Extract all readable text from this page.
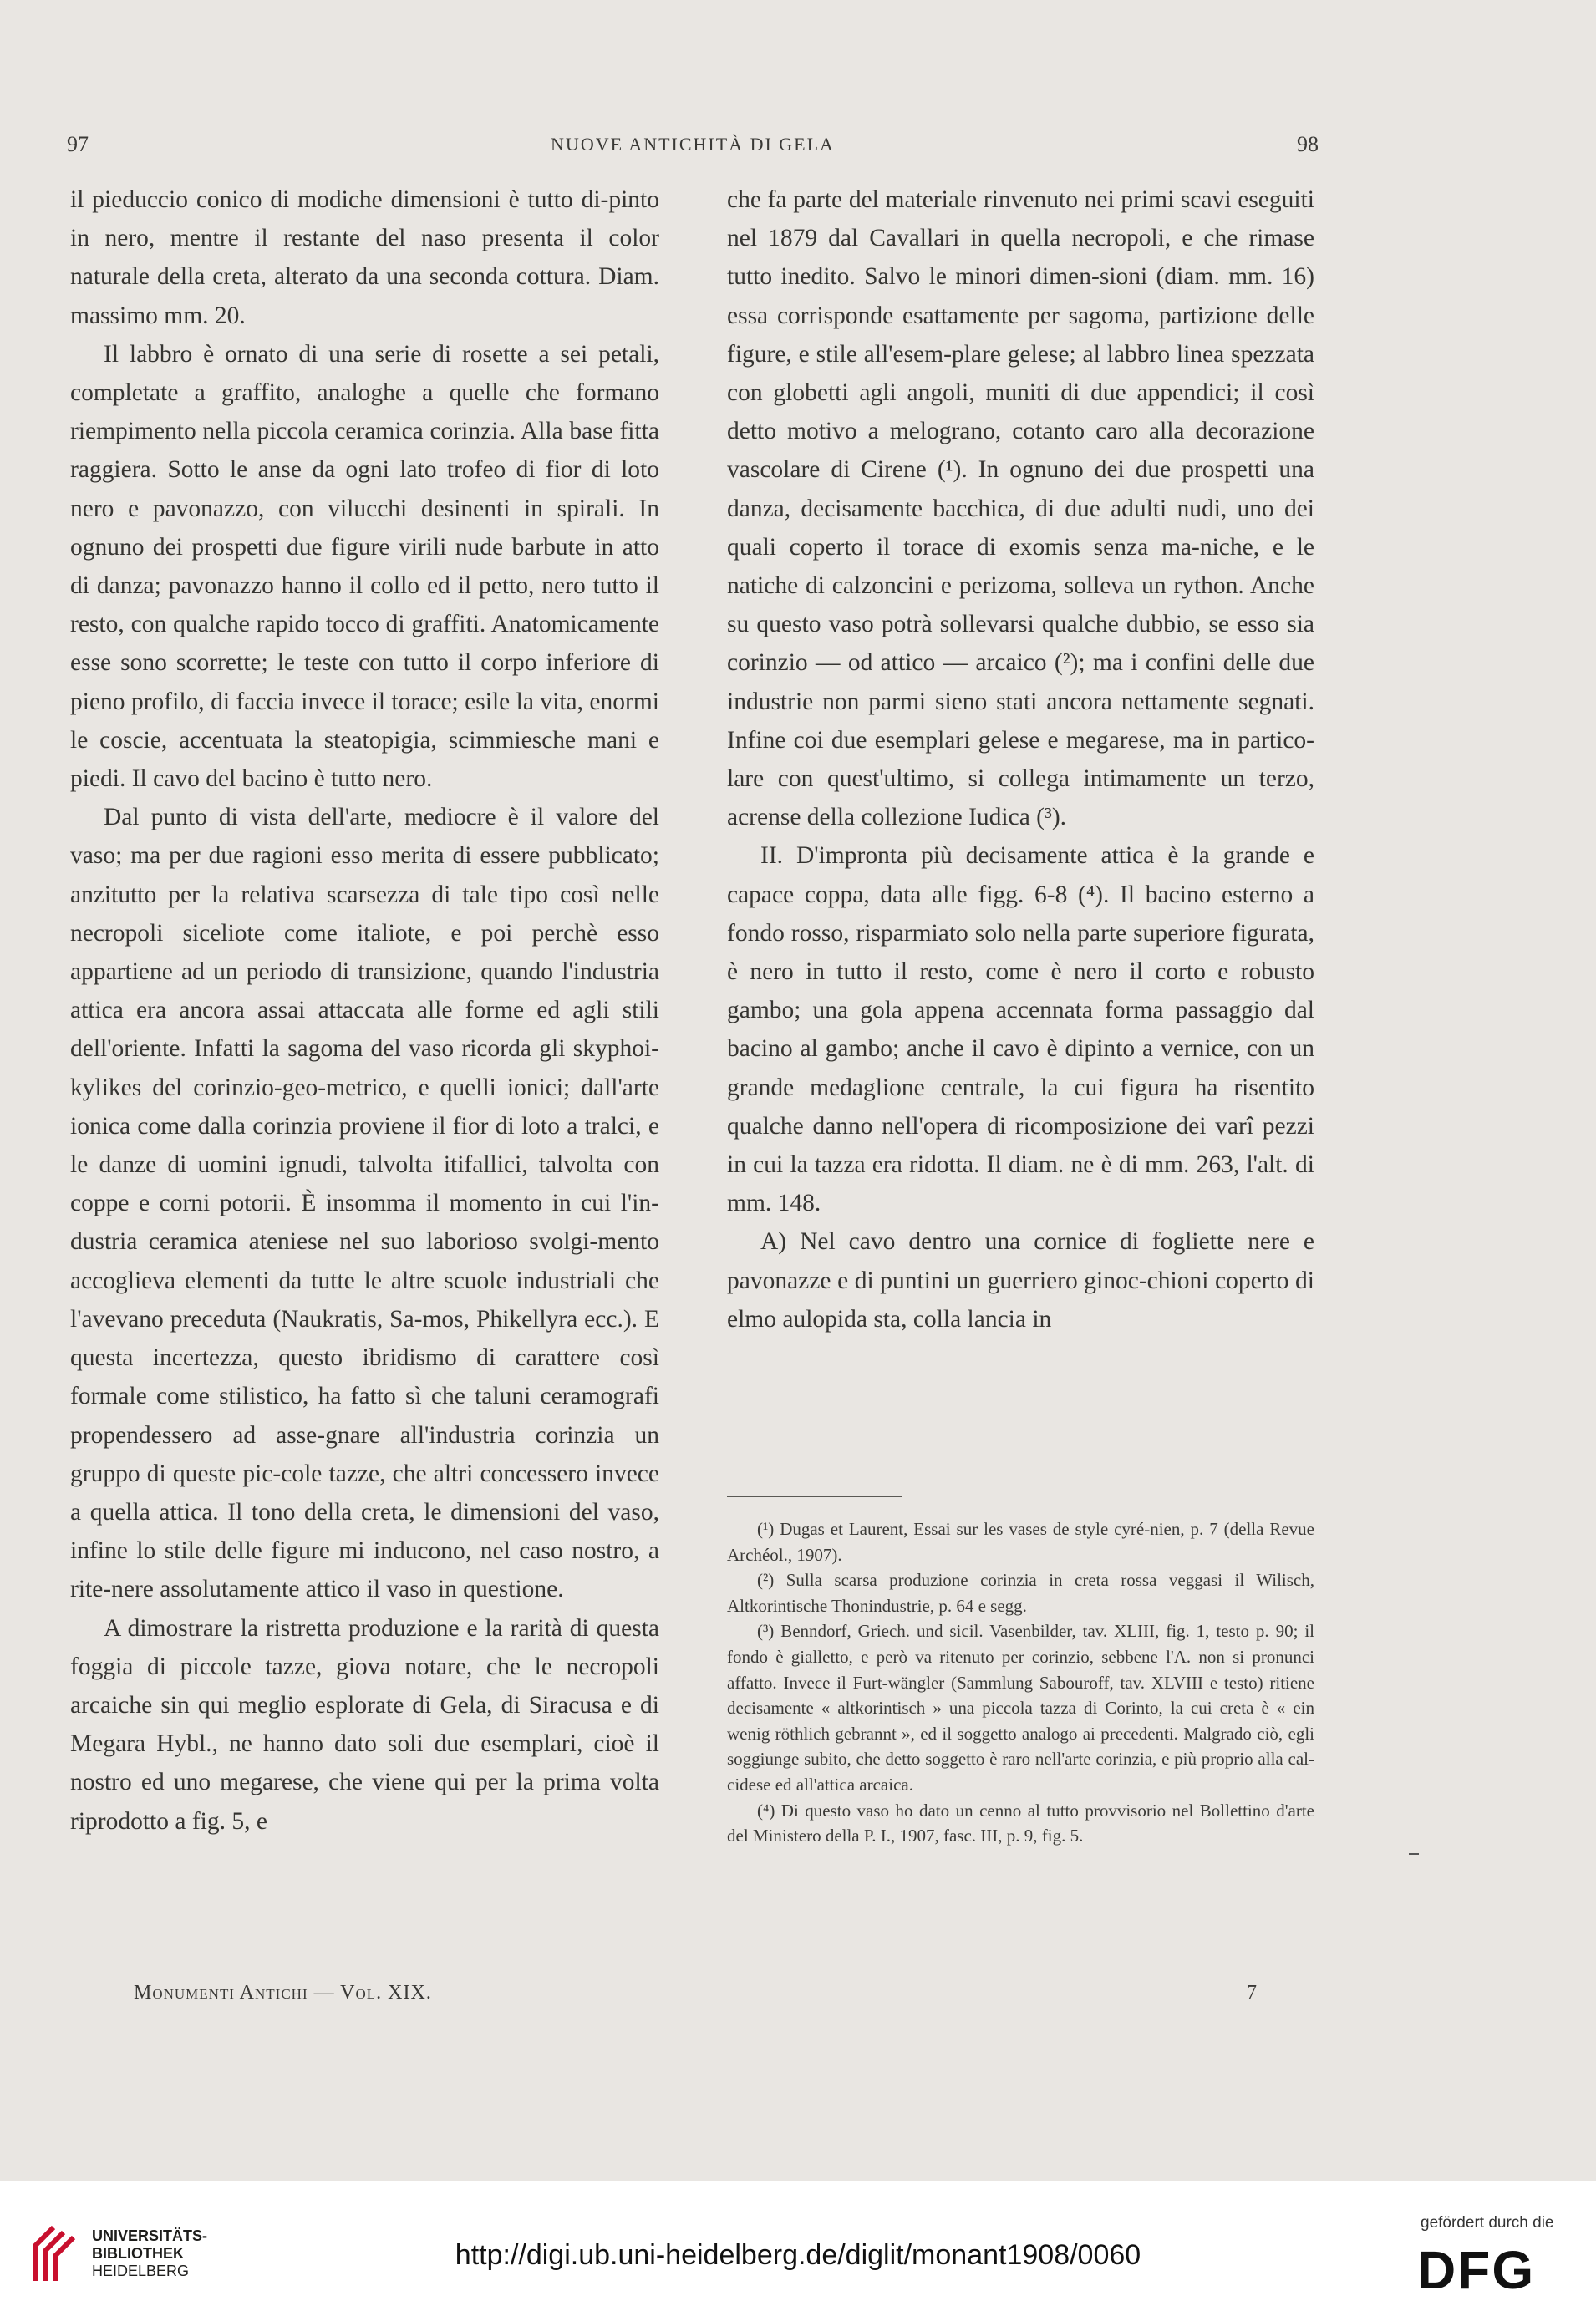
97	NUOVE ANTICHITÀ DI GELA	98

il pieduccio conico di modiche dimensioni è tutto di-pinto in nero, mentre il restante del naso presenta il color naturale della creta, alterato da una seconda cottura. Diam. massimo mm. 20.

Il labbro è ornato di una serie di rosette a sei petali, completate a graffito, analoghe a quelle che formano riempimento nella piccola ceramica corinzia. Alla base fitta raggiera. Sotto le anse da ogni lato trofeo di fior di loto nero e pavonazzo, con vilucchi desinenti in spirali. In ognuno dei prospetti due figure virili nude barbute in atto di danza; pavonazzo hanno il collo ed il petto, nero tutto il resto, con qualche rapido tocco di graffiti. Anatomicamente esse sono scorrette; le teste con tutto il corpo inferiore di pieno profilo, di faccia invece il torace; esile la vita, enormi le coscie, accentuata la steatopigia, scimmiesche mani e piedi. Il cavo del bacino è tutto nero.

Dal punto di vista dell'arte, mediocre è il valore del vaso; ma per due ragioni esso merita di essere pubblicato; anzitutto per la relativa scarsezza di tale tipo così nelle necropoli siceliote come italiote, e poi perchè esso appartiene ad un periodo di transizione, quando l'industria attica era ancora assai attaccata alle forme ed agli stili dell'oriente. Infatti la sagoma del vaso ricorda gli skyphoi-kylikes del corinzio-geo-metrico, e quelli ionici; dall'arte ionica come dalla corinzia proviene il fior di loto a tralci, e le danze di uomini ignudi, talvolta itifallici, talvolta con coppe e corni potorii. È insomma il momento in cui l'in-dustria ceramica ateniese nel suo laborioso svolgi-mento accoglieva elementi da tutte le altre scuole industriali che l'avevano preceduta (Naukratis, Sa-mos, Phikellyra ecc.). E questa incertezza, questo ibridismo di carattere così formale come stilistico, ha fatto sì che taluni ceramografi propendessero ad asse-gnare all'industria corinzia un gruppo di queste pic-cole tazze, che altri concessero invece a quella attica. Il tono della creta, le dimensioni del vaso, infine lo stile delle figure mi inducono, nel caso nostro, a rite-nere assolutamente attico il vaso in questione.

A dimostrare la ristretta produzione e la rarità di questa foggia di piccole tazze, giova notare, che le necropoli arcaiche sin qui meglio esplorate di Gela, di Siracusa e di Megara Hybl., ne hanno dato soli due esemplari, cioè il nostro ed uno megarese, che viene qui per la prima volta riprodotto a fig. 5, e

che fa parte del materiale rinvenuto nei primi scavi eseguiti nel 1879 dal Cavallari in quella necropoli, e che rimase tutto inedito. Salvo le minori dimen-sioni (diam. mm. 16) essa corrisponde esattamente per sagoma, partizione delle figure, e stile all'esem-plare gelese; al labbro linea spezzata con globetti agli angoli, muniti di due appendici; il così detto motivo a melograno, cotanto caro alla decorazione vascolare di Cirene (¹). In ognuno dei due prospetti una danza, decisamente bacchica, di due adulti nudi, uno dei quali coperto il torace di exomis senza ma-niche, e le natiche di calzoncini e perizoma, solleva un rython. Anche su questo vaso potrà sollevarsi qualche dubbio, se esso sia corinzio — od attico — arcaico (²); ma i confini delle due industrie non parmi sieno stati ancora nettamente segnati. Infine coi due esemplari gelese e megarese, ma in partico-lare con quest'ultimo, si collega intimamente un terzo, acrense della collezione Iudica (³).

II. D'impronta più decisamente attica è la grande e capace coppa, data alle figg. 6-8 (⁴). Il bacino esterno a fondo rosso, risparmiato solo nella parte superiore figurata, è nero in tutto il resto, come è nero il corto e robusto gambo; una gola appena accennata forma passaggio dal bacino al gambo; anche il cavo è dipinto a vernice, con un grande medaglione centrale, la cui figura ha risentito qualche danno nell'opera di ricomposizione dei varî pezzi in cui la tazza era ridotta. Il diam. ne è di mm. 263, l'alt. di mm. 148.

A) Nel cavo dentro una cornice di fogliette nere e pavonazze e di puntini un guerriero ginoc-chioni coperto di elmo aulopida sta, colla lancia in

(¹) Dugas et Laurent, Essai sur les vases de style cyré-nien, p. 7 (della Revue Archéol., 1907).

(²) Sulla scarsa produzione corinzia in creta rossa veggasi il Wilisch, Altkorintische Thonindustrie, p. 64 e segg.

(³) Benndorf, Griech. und sicil. Vasenbilder, tav. XLIII, fig. 1, testo p. 90; il fondo è gialletto, e però va ritenuto per corinzio, sebbene l'A. non si pronunci affatto. Invece il Furt-wängler (Sammlung Sabouroff, tav. XLVIII e testo) ritiene decisamente « altkorintisch » una piccola tazza di Corinto, la cui creta è « ein wenig röthlich gebrannt », ed il soggetto analogo ai precedenti. Malgrado ciò, egli soggiunge subito, che detto soggetto è raro nell'arte corinzia, e più proprio alla cal-cidese ed all'attica arcaica.

(⁴) Di questo vaso ho dato un cenno al tutto provvisorio nel Bollettino d'arte del Ministero della P. I., 1907, fasc. III, p. 9, fig. 5.

Monumenti Antichi — Vol. XIX.	7
UNIVERSITÄTS-
BIBLIOTHEK
HEIDELBERG	http://digi.ub.uni-heidelberg.de/diglit/monant1908/0060
gefördert durch die
DFG
